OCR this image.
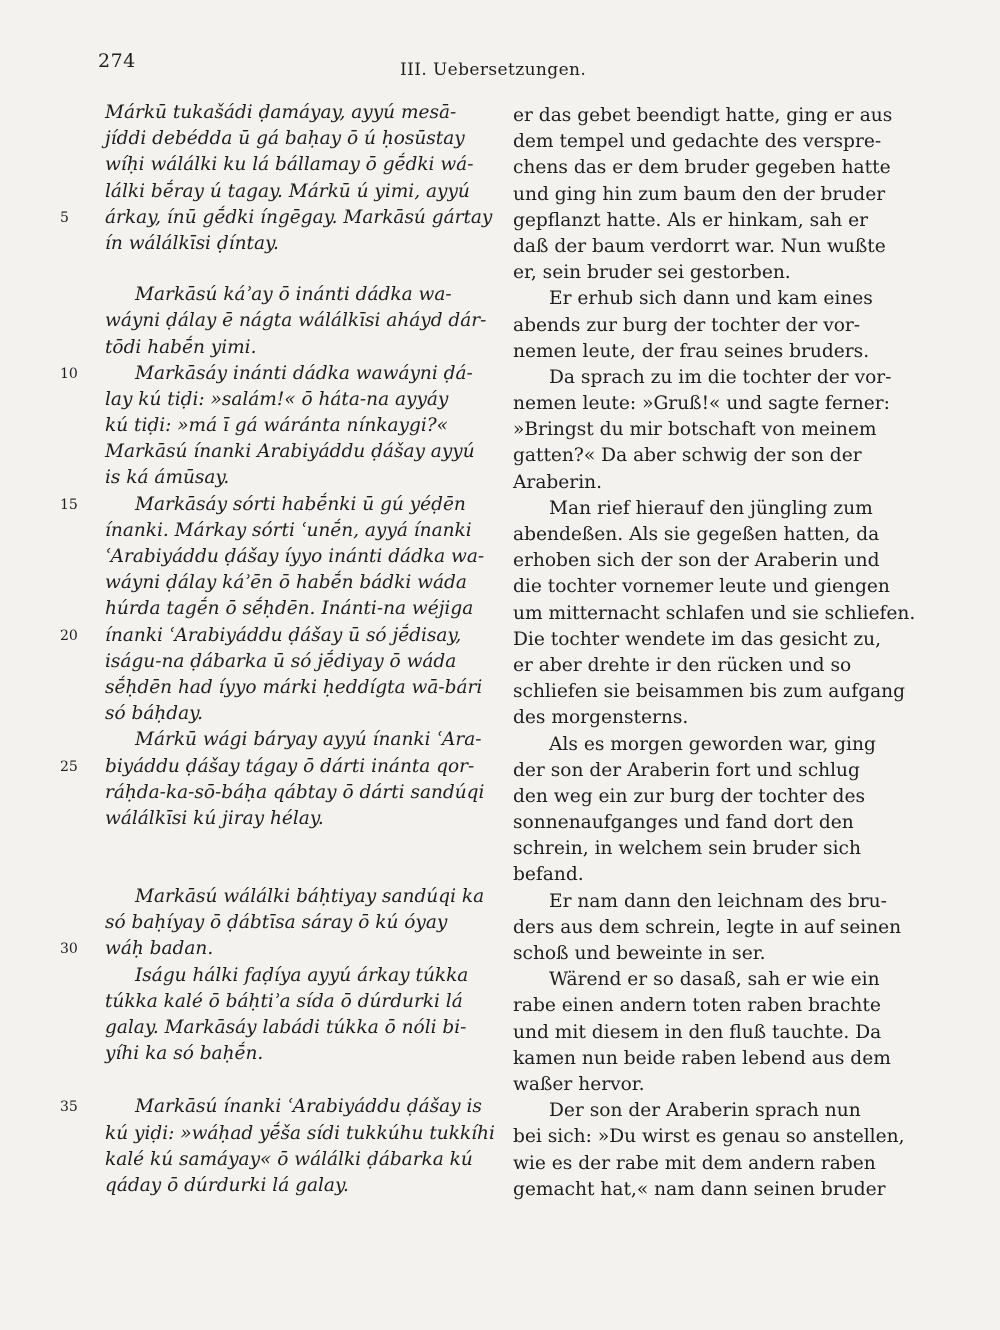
274	III. Uebersetzungen.
Márkū tukašádi ḍamáyay, ayyú mesā-
jíddi debédda ū gá baḥay ō ú ḥosūstay
wíḥi wálálki ku lá bállamay ō gḗdki wá-
lálki bḗray ú tagay. Márkū ú yimi, ayyú
5 árkay, ínū gḗdki íngēgay. Markāsú gártay
ín wálálkīsi ḍíntay.
Markāsú káʾay ō inánti dádka wa-
wáyni ḍálay ē nágta wálálkīsi aháyd dár-
tōdi habḗn yimi.
10	Markāsáy inánti dádka wawáyni ḍá-
lay kú tiḍi: »salám!« ō háta-na ayyáy
kú tiḍi: »má ī gá wáránta nínkaygi?«
Markāsú ínanki Arabiyáddu ḍášay ayyú
is ká ámūsay.
15	Markāsáy sórti habḗnki ū gú yéḍēn
ínanki. Márkay sórti ʿunḗn, ayyá ínanki
ʿArabiyáddu ḍášay íyyo inánti dádka wa-
wáyni ḍálay káʾēn ō habḗn bádki wáda
húrda tagḗn ō sḗḥdēn. Inánti-na wéjiga
20 ínanki ʿArabiyáddu ḍášay ū só jḗdisay,
iságu-na ḍábarka ū só jḗdiyay ō wáda
sḗḥdēn had íyyo márki ḥeddígta wā-bári
só báḥday.
Márkū wági báryay ayyú ínanki ʿAra-
25 biyáddu ḍášay tágay ō dárti inánta qor-
ráḥda-ka-sō-báḥa qábtay ō dárti sandúqi
wálálkīsi kú jiray hélay.
Markāsú wálálki báḥtiyay sandúqi ka
só baḥíyay ō ḍábtīsa sáray ō kú óyay
30 wáḥ badan.
Iságu hálki faḍíya ayyú árkay túkka
túkka kalé ō báḥtiʾa sída ō dúrdurki lá
galay. Markāsáy labádi túkka ō nóli bi-
yíhi ka só baḥḗn.
35	Markāsú ínanki ʿArabiyáddu ḍášay is
kú yiḍi: »wáḥad yḗša sídi tukkúhu tukkíhi
kalé kú samáyay« ō wálálki ḍábarka kú
qáday ō dúrdurki lá galay.
er das gebet beendigt hatte, ging er aus
dem tempel und gedachte des verspre-
chens das er dem bruder gegeben hatte
und ging hin zum baum den der bruder
gepflanzt hatte. Als er hinkam, sah er
daß der baum verdorrt war. Nun wußte
er, sein bruder sei gestorben.
Er erhub sich dann und kam eines
abends zur burg der tochter der vor-
nemen leute, der frau seines bruders.
Da sprach zu im die tochter der vor-
nemen leute: »Gruß!« und sagte ferner:
»Bringst du mir botschaft von meinem
gatten?« Da aber schwig der son der
Araberin.
Man rief hierauf den jüngling zum
abendeßen. Als sie gegeßen hatten, da
erhoben sich der son der Araberin und
die tochter vornemer leute und giengen
um mitternacht schlafen und sie schliefen.
Die tochter wendete im das gesicht zu,
er aber drehte ir den rücken und so
schliefen sie beisammen bis zum aufgang
des morgensterns.
Als es morgen geworden war, ging
der son der Araberin fort und schlug
den weg ein zur burg der tochter des
sonnenaufganges und fand dort den
schrein, in welchem sein bruder sich
befand.
Er nam dann den leichnam des bru-
ders aus dem schrein, legte in auf seinen
schoß und beweinte in ser.
Wärend er so dasaß, sah er wie ein
rabe einen andern toten raben brachte
und mit diesem in den fluß tauchte. Da
kamen nun beide raben lebend aus dem
waßer hervor.
Der son der Araberin sprach nun
bei sich: »Du wirst es genau so anstellen,
wie es der rabe mit dem andern raben
gemacht hat,« nam dann seinen bruder
